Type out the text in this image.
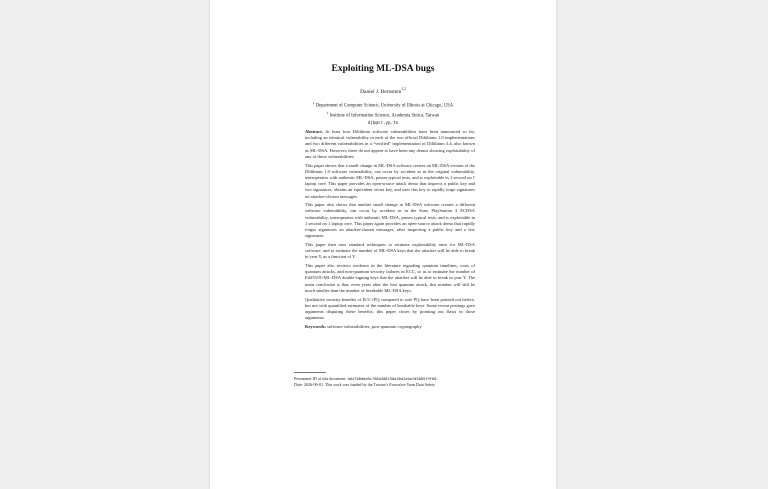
Exploiting ML-DSA bugs
Daniel J. Bernstein$^{1,2}$
$^1$ Department of Computer Science, University of Illinois at Chicago, USA
$^2$ Institute of Information Science, Academia Sinica, Taiwan
djb@cr.yp.to

Abstract. At least four Dilithium software vulnerabilities have been announced so far, including an identical vulnerability in each of the two official Dilithium 1.0 implementations and two different vulnerabilities in a “verified” implementation of Dilithium 3.4, also known as ML-DSA. However, there do not appear to have been any demos showing exploitability of any of these vulnerabilities.

This paper shows that a small change in ML-DSA software creates an ML-DSA version of the Dilithium 1.0 software vulnerability, can occur by accident as in the original vulnerability, interoperates with authentic ML-DSA, passes typical tests, and is exploitable in 1 second on 1 laptop core. This paper provides an open-source attack demo that inspects a public key and two signatures, obtains an equivalent secret key, and uses this key to rapidly forge signatures on attacker-chosen messages.

This paper also shows that another small change in ML-DSA software creates a different software vulnerability, can occur by accident as in the Sony PlayStation 3 ECDSA vulnerability, interoperates with authentic ML-DSA, passes typical tests, and is exploitable in 1 second on 1 laptop core. This paper again provides an open-source attack demo that rapidly forges signatures on attacker-chosen messages, after inspecting a public key and a few signatures.

This paper then uses standard techniques to estimate exploitability rates for ML-DSA software, and to estimate the number of ML-DSA keys that the attacker will be able to break in year Y, as a function of Y.

This paper also reviews evidence in the literature regarding quantum timelines, costs of quantum attacks, and non-quantum security failures in ECC, so as to estimate the number of Ed25519+ML-DSA double-signing keys that the attacker will be able to break in year Y. The main conclusion is that, even years after the first quantum attack, this number will still be much smaller than the number of breakable ML-DSA keys.

Qualitative security benefits of ECC+PQ compared to solo PQ have been pointed out before, but not with quantified estimates of the number of breakable keys. Some recent postings gave arguments disputing these benefits; this paper closes by pointing out flaws in those arguments.

Keywords: software vulnerabilities, post-quantum cryptography

Permanent ID of this document: dd47b8d0e0c768a308236a30d2eba7d5805f9f60.
Date: 2026-06-01. This work was funded by the Taiwan’s Executive Yuan Data Safety
